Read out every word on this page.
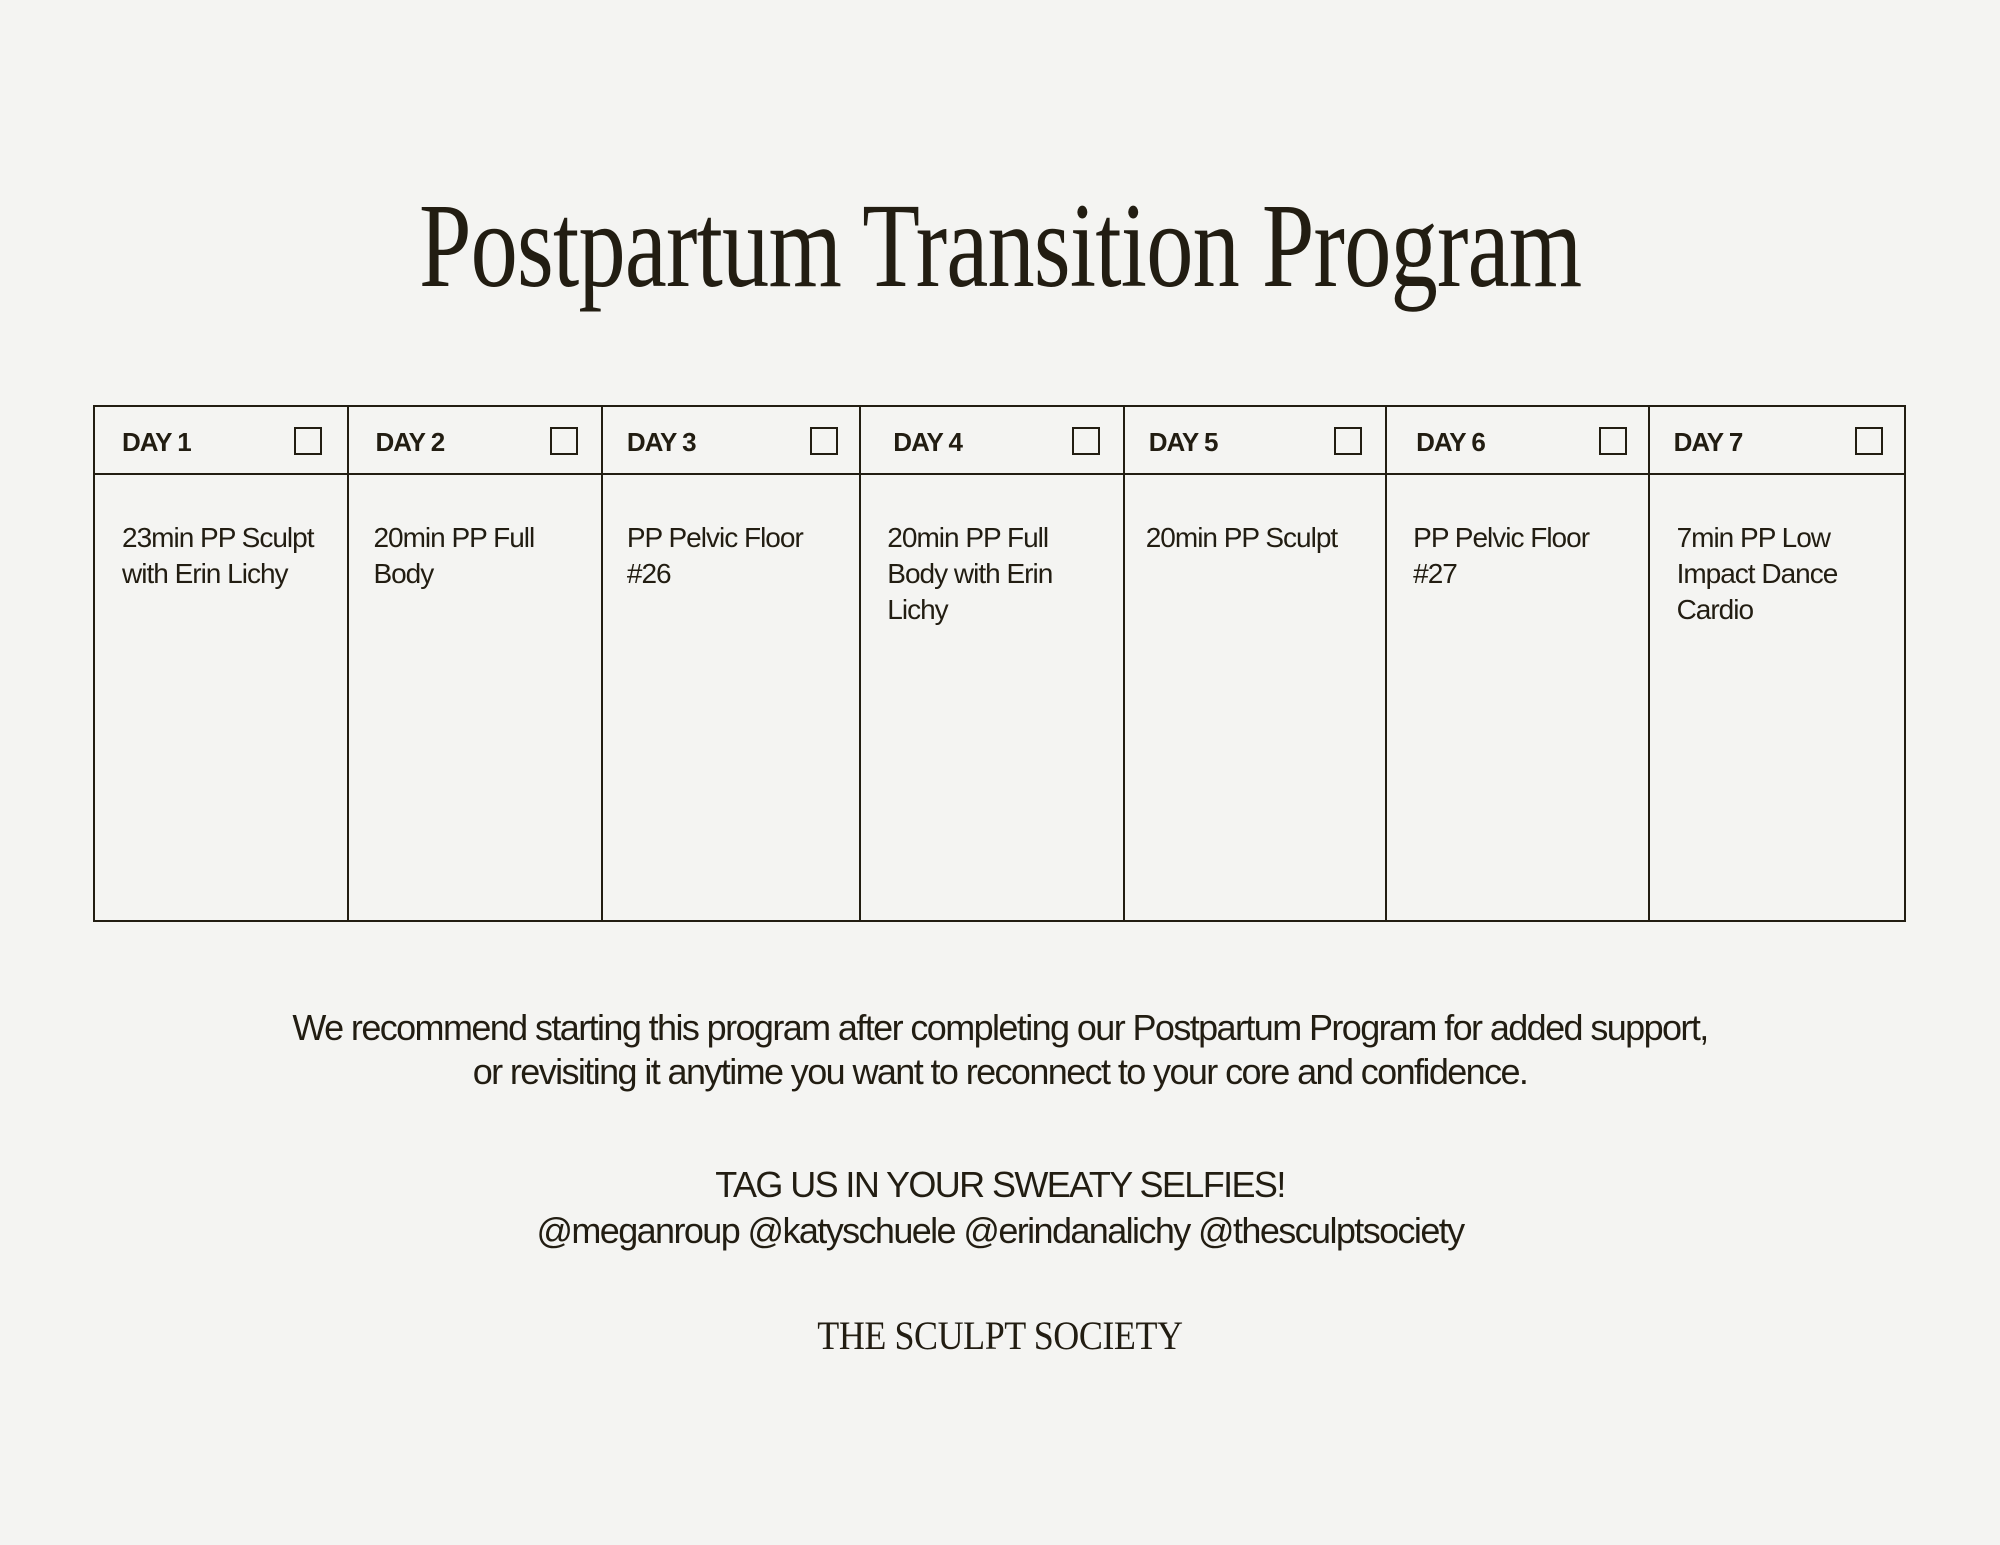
Postpartum Transition Program
DAY 1
23min PP Sculpt with Erin Lichy
DAY 2
20min PP Full Body
DAY 3
PP Pelvic Floor #26
DAY 4
20min PP Full Body with Erin Lichy
DAY 5
20min PP Sculpt
DAY 6
PP Pelvic Floor #27
DAY 7
7min PP Low Impact Dance Cardio
We recommend starting this program after completing our Postpartum Program for added support,
or revisiting it anytime you want to reconnect to your core and confidence.
TAG US IN YOUR SWEATY SELFIES!
@meganroup @katyschuele @erindanalichy @thesculptsociety
THE SCULPT SOCIETY
